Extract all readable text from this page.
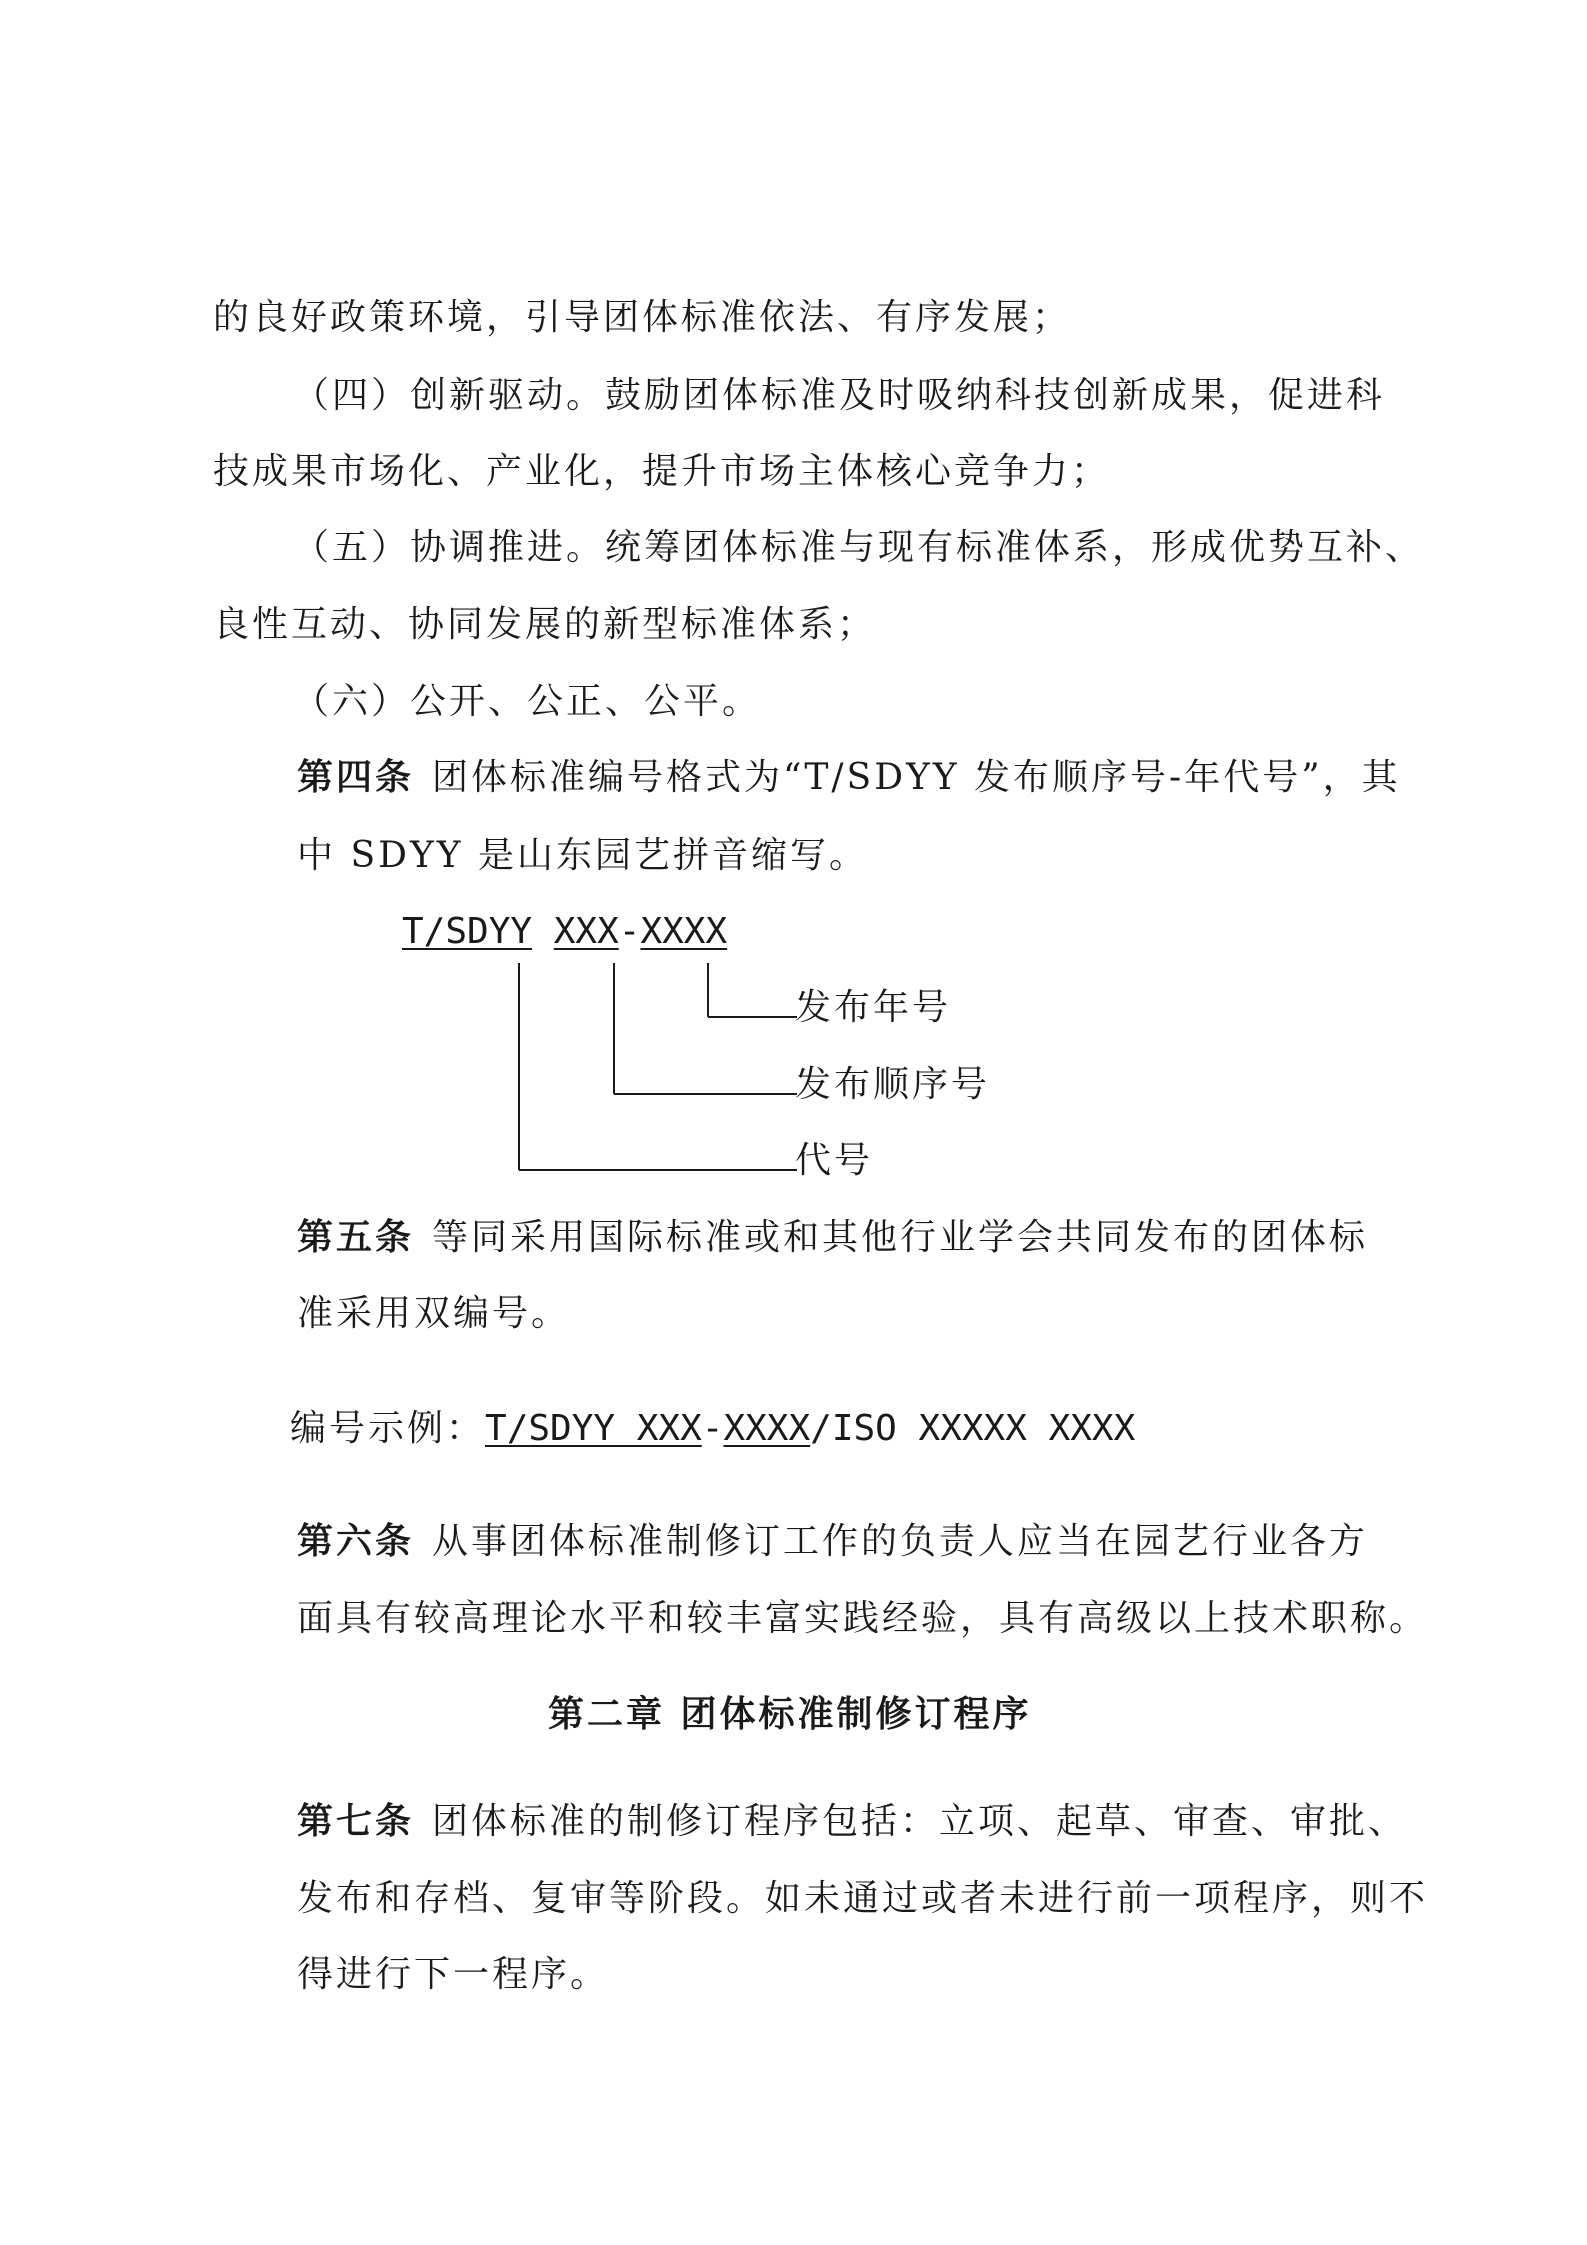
的良好政策环境，引导团体标准依法、有序发展；
（四）创新驱动。鼓励团体标准及时吸纳科技创新成果，促进科
技成果市场化、产业化，提升市场主体核心竞争力；
（五）协调推进。统筹团体标准与现有标准体系，形成优势互补、
良性互动、协同发展的新型标准体系；
（六）公开、公正、公平。
第四条 团体标准编号格式为“T/SDYY 发布顺序号-年代号”，其
中 SDYY 是山东园艺拼音缩写。
T/SDYY XXX-XXXX
发布年号
发布顺序号
代号
第五条 等同采用国际标准或和其他行业学会共同发布的团体标
准采用双编号。
编号示例：T/SDYY XXX-XXXX/ISO XXXXX XXXX
第六条 从事团体标准制修订工作的负责人应当在园艺行业各方
面具有较高理论水平和较丰富实践经验，具有高级以上技术职称。
第二章 团体标准制修订程序
第七条 团体标准的制修订程序包括：立项、起草、审查、审批、
发布和存档、复审等阶段。如未通过或者未进行前一项程序，则不
得进行下一程序。
